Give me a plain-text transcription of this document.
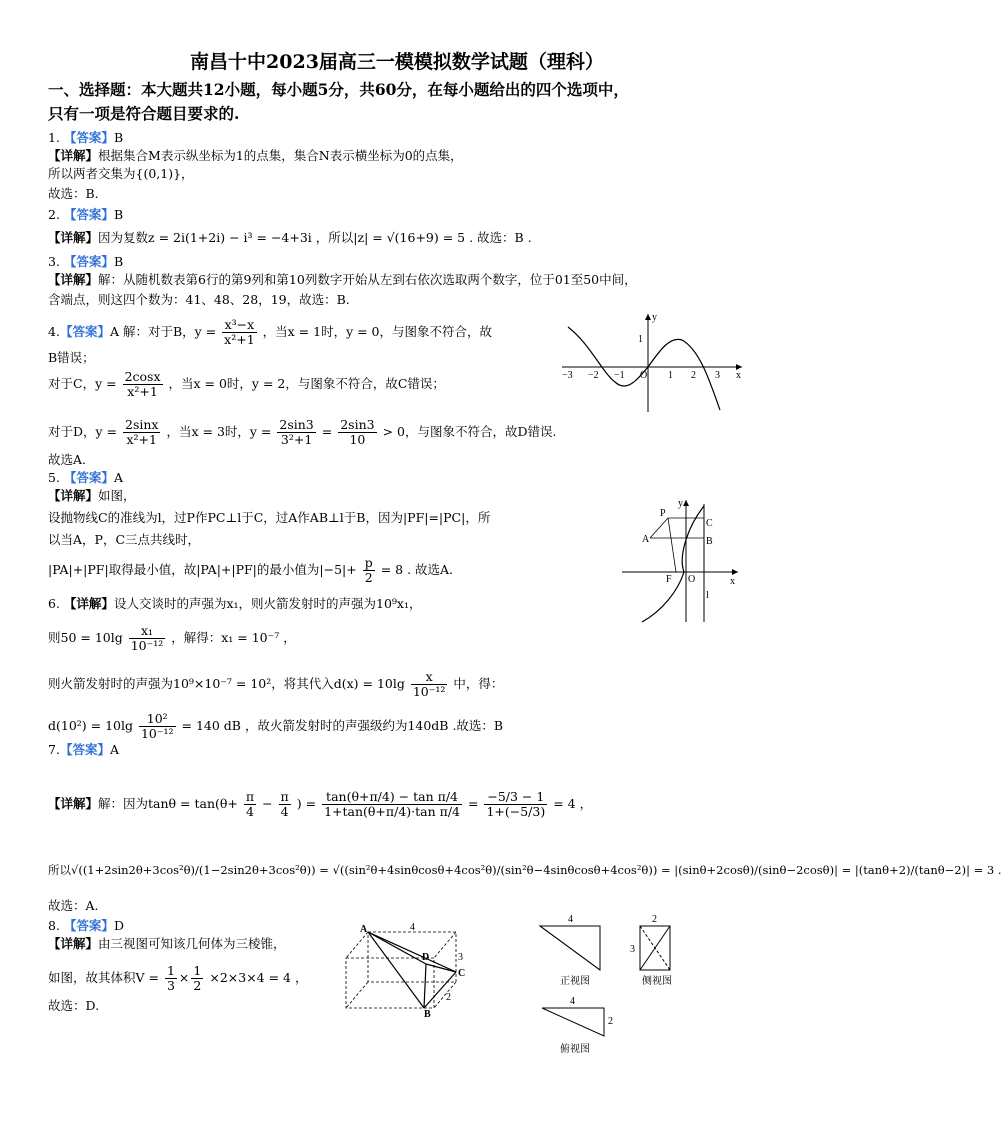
南昌十中2023届高三一模模拟数学试题（理科）
一、选择题：本大题共12小题，每小题5分，共60分，在每小题给出的四个选项中，
只有一项是符合题目要求的.
1. 【答案】B
【详解】根据集合M表示纵坐标为1的点集，集合N表示横坐标为0的点集，
所以两者交集为{(0,1)}，
故选：B.
2. 【答案】B
【详解】因为复数z = 2i(1+2i) − i³ = −4+3i ，所以|z| = √(16+9) = 5 . 故选：B .
3. 【答案】B
【详解】解：从随机数表第6行的第9列和第10列数字开始从左到右依次选取两个数字，位于01至50中间，
含端点，则这四个数为：41、48、28，19，故选：B.
4.【答案】A 解：对于B，$y = \frac{\text{x³−x}}{\text{x²+1}}$ ，当x = 1时，y = 0，与图象不符合，故
B错误；
对于C，$y = \frac{2\cos x}{\text{x²+1}}$ ，当x = 0时，y = 2，与图象不符合，故C错误；
对于D，$y = \frac{2\sin x}{\text{x²+1}}$ ，当x = 3时，$y = \frac{2\sin 3}{\text{3²+1}} = \frac{2\sin 3}{10} > 0$，与图象不符合，故D错误.
故选A.
−3 −2 −1 O 1 2 3 x
y
1
5. 【答案】A
【详解】如图，
设抛物线C的准线为l，过P作PC⊥l于C，过A作AB⊥l于B，因为|PF|=|PC|，所
以当A，P，C三点共线时，
|PA|+|PF|取得最小值，故|PA|+|PF|的最小值为$|-5|+ \frac{p}{2} = 8$ . 故选A.
P
A
C
B
F O	x
y
l
6. 【详解】设人交谈时的声强为x₁，则火箭发射时的声强为10⁹x₁，
则$50 = 10\lg \frac{\text{x₁}}{\text{10⁻¹²}}$ ，解得：x₁ = 10⁻⁷ ，
则火箭发射时的声强为10⁹×10⁻⁷ = 10²，将其代入$d(x) = 10\lg \frac{x}{\text{10⁻¹²}}$ 中，得：
$d(10^2) = 10\lg \frac{\text{10²}}{\text{10⁻¹²}} = 140$ dB ，故火箭发射时的声强级约为140dB .故选：B
7.【答案】A
【详解】解：因为$\tan\theta = \tan(\theta+ \frac{\pi}{4} - \frac{\pi}{4}$ ) = $\frac{\text{tan(θ+π/4) − tan π/4}}{\text{1+tan(θ+π/4)·tan π/4}} = \frac{-5/3 - 1}{1+(-5/3)} = 4$ ，
所以√((1+2sin2θ+3cos²θ)/(1−2sin2θ+3cos²θ)) = √((sin²θ+4sinθcosθ+4cos²θ)/(sin²θ−4sinθcosθ+4cos²θ)) = |(sinθ+2cosθ)/(sinθ−2cosθ)| = |(tanθ+2)/(tanθ−2)| = 3 .
故选：A.
8. 【答案】D
【详解】由三视图可知该几何体为三棱锥，
如图，故其体积$V = \frac{1}{3} \times \frac{1}{2} \times 2\times 3\times 4 = 4$ ，
故选：D.
A
B
C
D
4
3
2
4	2
3
4
2
正视图	侧视图
俯视图
